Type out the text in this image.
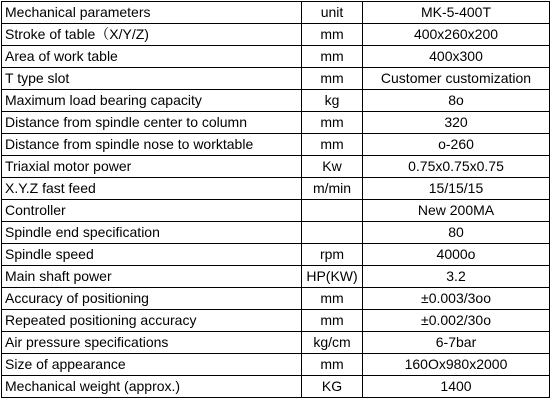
Mechanical parameters	unit	MK-5-400T
Stroke of table（X/Y/Z)	mm	400x260x200
Area of work table	mm	400x300
T type slot	mm	Customer customization
Maximum load bearing capacity	kg	8o
Distance from spindle center to column	mm	320
Distance from spindle nose to worktable	mm	o-260
Triaxial motor power	Kw	0.75x0.75x0.75
X.Y.Z fast feed	m/min	15/15/15
Controller		New 200MA
Spindle end specification		80
Spindle speed	rpm	4000o
Main shaft power	HP(KW)	3.2
Accuracy of positioning	mm	±0.003/3oo
Repeated positioning accuracy	mm	±0.002/30o
Air pressure specifications	kg/cm	6-7bar
Size of appearance	mm	160Ox980x2000
Mechanical weight (approx.)	KG	1400
